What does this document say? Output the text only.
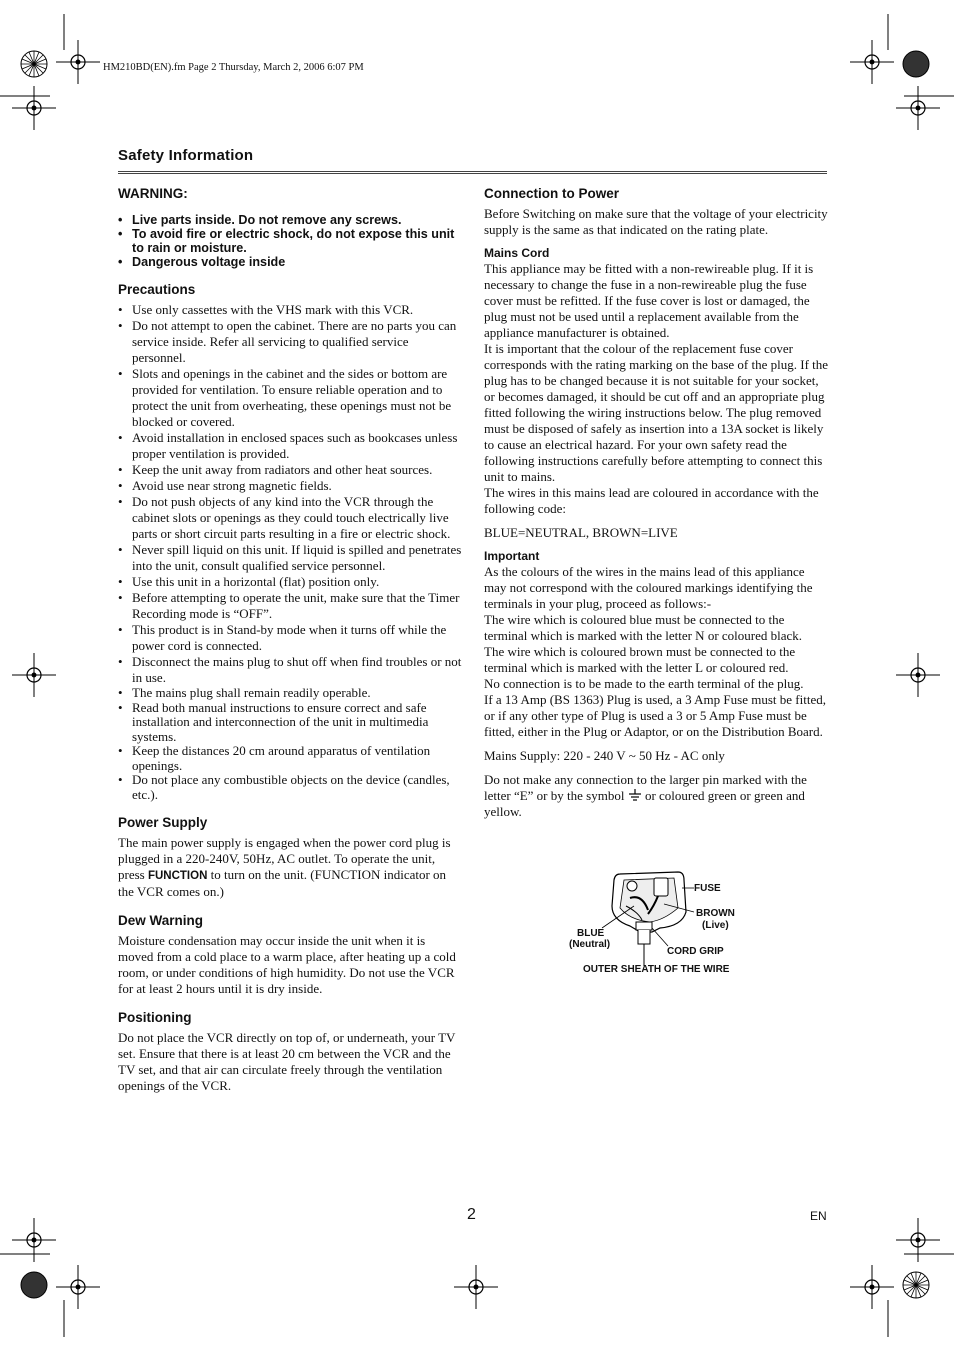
HM210BD(EN).fm Page 2 Thursday, March 2, 2006 6:07 PM
Safety Information
WARNING:
• Live parts inside. Do not remove any screws.
• To avoid fire or electric shock, do not expose this unit to rain or moisture.
• Dangerous voltage inside
Precautions
• Use only cassettes with the VHS mark with this VCR.
• Do not attempt to open the cabinet. There are no parts you can service inside. Refer all servicing to qualified service personnel.
• Slots and openings in the cabinet and the sides or bottom are provided for ventilation. To ensure reliable operation and to protect the unit from overheating, these openings must not be blocked or covered.
• Avoid installation in enclosed spaces such as bookcases unless proper ventilation is provided.
• Keep the unit away from radiators and other heat sources.
• Avoid use near strong magnetic fields.
• Do not push objects of any kind into the VCR through the cabinet slots or openings as they could touch electrically live parts or short circuit parts resulting in a fire or electric shock.
• Never spill liquid on this unit. If liquid is spilled and penetrates into the unit, consult qualified service personnel.
• Use this unit in a horizontal (flat) position only.
• Before attempting to operate the unit, make sure that the Timer Recording mode is “OFF”.
• This product is in Stand-by mode when it turns off while the power cord is connected.
• Disconnect the mains plug to shut off when find troubles or not in use.
• The mains plug shall remain readily operable.
• Read both manual instructions to ensure correct and safe installation and interconnection of the unit in multimedia systems.
• Keep the distances 20 cm around apparatus of ventilation openings.
• Do not place any combustible objects on the device (candles, etc.).
Power Supply

The main power supply is engaged when the power cord plug is plugged in a 220-240V, 50Hz, AC outlet. To operate the unit, press FUNCTION to turn on the unit. (FUNCTION indicator on the VCR comes on.)

Dew Warning

Moisture condensation may occur inside the unit when it is moved from a cold place to a warm place, after heating up a cold room, or under conditions of high humidity. Do not use the VCR for at least 2 hours until it is dry inside.

Positioning

Do not place the VCR directly on top of, or underneath, your TV set. Ensure that there is at least 20 cm between the VCR and the TV set, and that air can circulate freely through the ventilation openings of the VCR.

Connection to Power

Before Switching on make sure that the voltage of your electricity supply is the same as that indicated on the rating plate.

Mains Cord

This appliance may be fitted with a non-rewireable plug. If it is necessary to change the fuse in a non-rewireable plug the fuse cover must be refitted. If the fuse cover is lost or damaged, the plug must not be used until a replacement available from the appliance manufacturer is obtained.

It is important that the colour of the replacement fuse cover corresponds with the rating marking on the base of the plug. If the plug has to be changed because it is not suitable for your socket, or becomes damaged, it should be cut off and an appropriate plug fitted following the wiring instructions below. The plug removed must be disposed of safely as insertion into a 13A socket is likely to cause an electrical hazard. For your own safety read the following instructions carefully before attempting to connect this unit to mains.

The wires in this mains lead are coloured in accordance with the following code:

BLUE=NEUTRAL, BROWN=LIVE

Important

As the colours of the wires in the mains lead of this appliance may not correspond with the coloured markings identifying the terminals in your plug, proceed as follows:-

The wire which is coloured blue must be connected to the terminal which is marked with the letter N or coloured black.

The wire which is coloured brown must be connected to the terminal which is marked with the letter L or coloured red.

No connection is to be made to the earth terminal of the plug.

If a 13 Amp (BS 1363) Plug is used, a 3 Amp Fuse must be fitted, or if any other type of Plug is used a 3 or 5 Amp Fuse must be fitted, either in the Plug or Adaptor, or on the Distribution Board.

Mains Supply: 220 - 240 V ~ 50 Hz - AC only

Do not make any connection to the larger pin marked with the letter “E” or by the symbol  or coloured green or green and yellow.

FUSE
BROWN
(Live)
BLUE
(Neutral)
CORD GRIP
OUTER SHEATH OF THE WIRE
2	EN
